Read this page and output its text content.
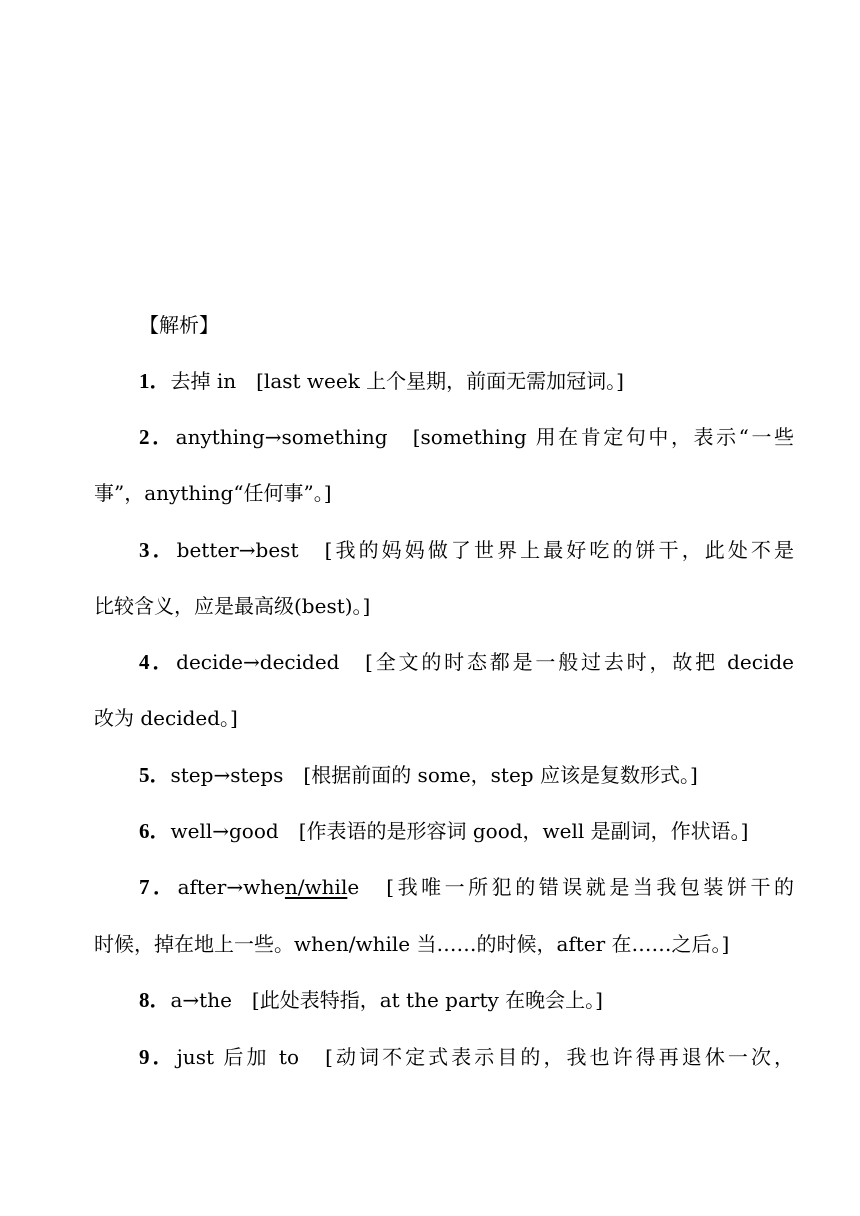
【解析】
1．去掉 in　[last week 上个星期，前面无需加冠词。]
2．anything→something　[something 用在肯定句中，表示“一些
事”，anything“任何事”。]
3．better→best　[我的妈妈做了世界上最好吃的饼干，此处不是
比较含义，应是最高级(best)。]
4．decide→decided　[全文的时态都是一般过去时，故把 decide
改为 decided。]
5．step→steps　[根据前面的 some，step 应该是复数形式。]
6．well→good　[作表语的是形容词 good，well 是副词，作状语。]
7．after→when/while　[我唯一所犯的错误就是当我包装饼干的
时候，掉在地上一些。when/while 当……的时候，after 在……之后。]
8．a→the　[此处表特指，at the party 在晚会上。]
9．just 后加 to　[动词不定式表示目的，我也许得再退休一次，
